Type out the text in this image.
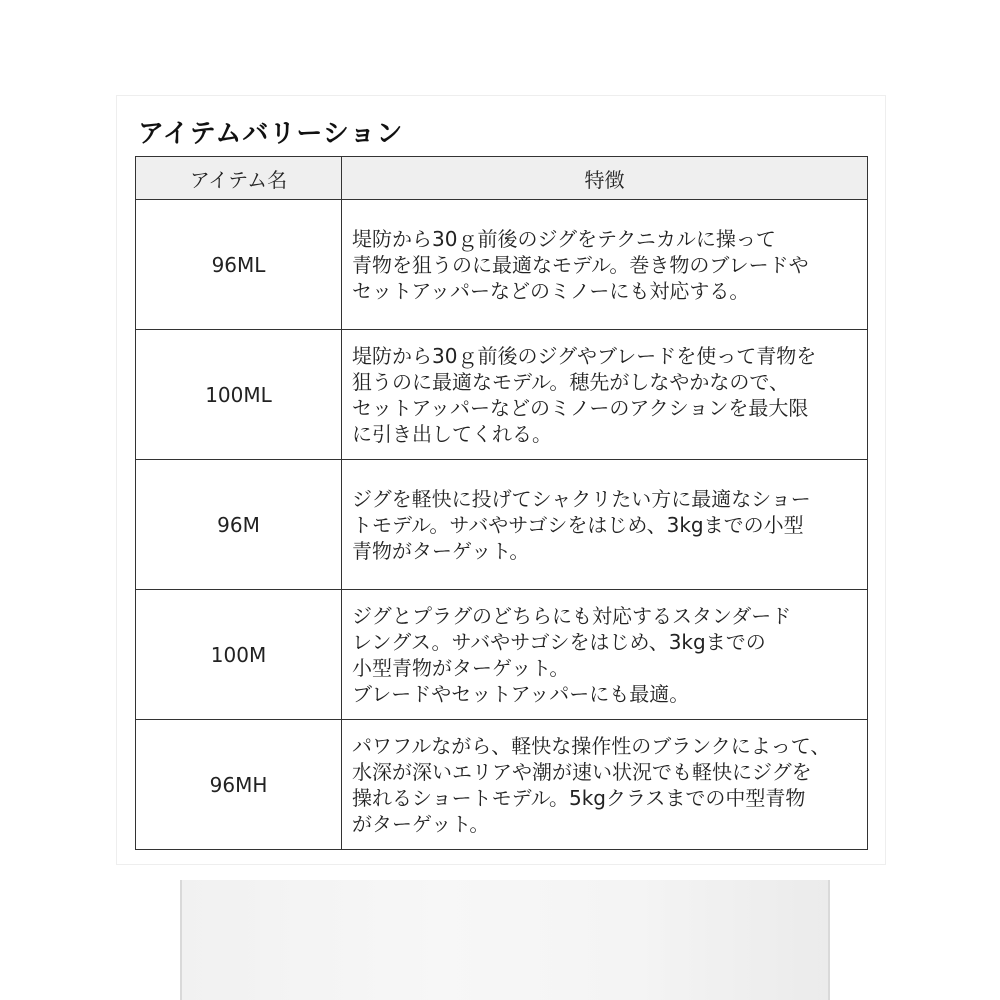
アイテムバリーション
アイテム名	特徴
96ML	堤防から30ｇ前後のジグをテクニカルに操って
青物を狙うのに最適なモデル。巻き物のブレードや
セットアッパーなどのミノーにも対応する。
100ML	堤防から30ｇ前後のジグやブレードを使って青物を
狙うのに最適なモデル。穂先がしなやかなので、
セットアッパーなどのミノーのアクションを最大限
に引き出してくれる。
96M	ジグを軽快に投げてシャクリたい方に最適なショー
トモデル。サバやサゴシをはじめ、3kgまでの小型
青物がターゲット。
100M	ジグとプラグのどちらにも対応するスタンダード
レングス。サバやサゴシをはじめ、3kgまでの
小型青物がターゲット。
ブレードやセットアッパーにも最適。
96MH	パワフルながら、軽快な操作性のブランクによって、
水深が深いエリアや潮が速い状況でも軽快にジグを
操れるショートモデル。5kgクラスまでの中型青物
がターゲット。
